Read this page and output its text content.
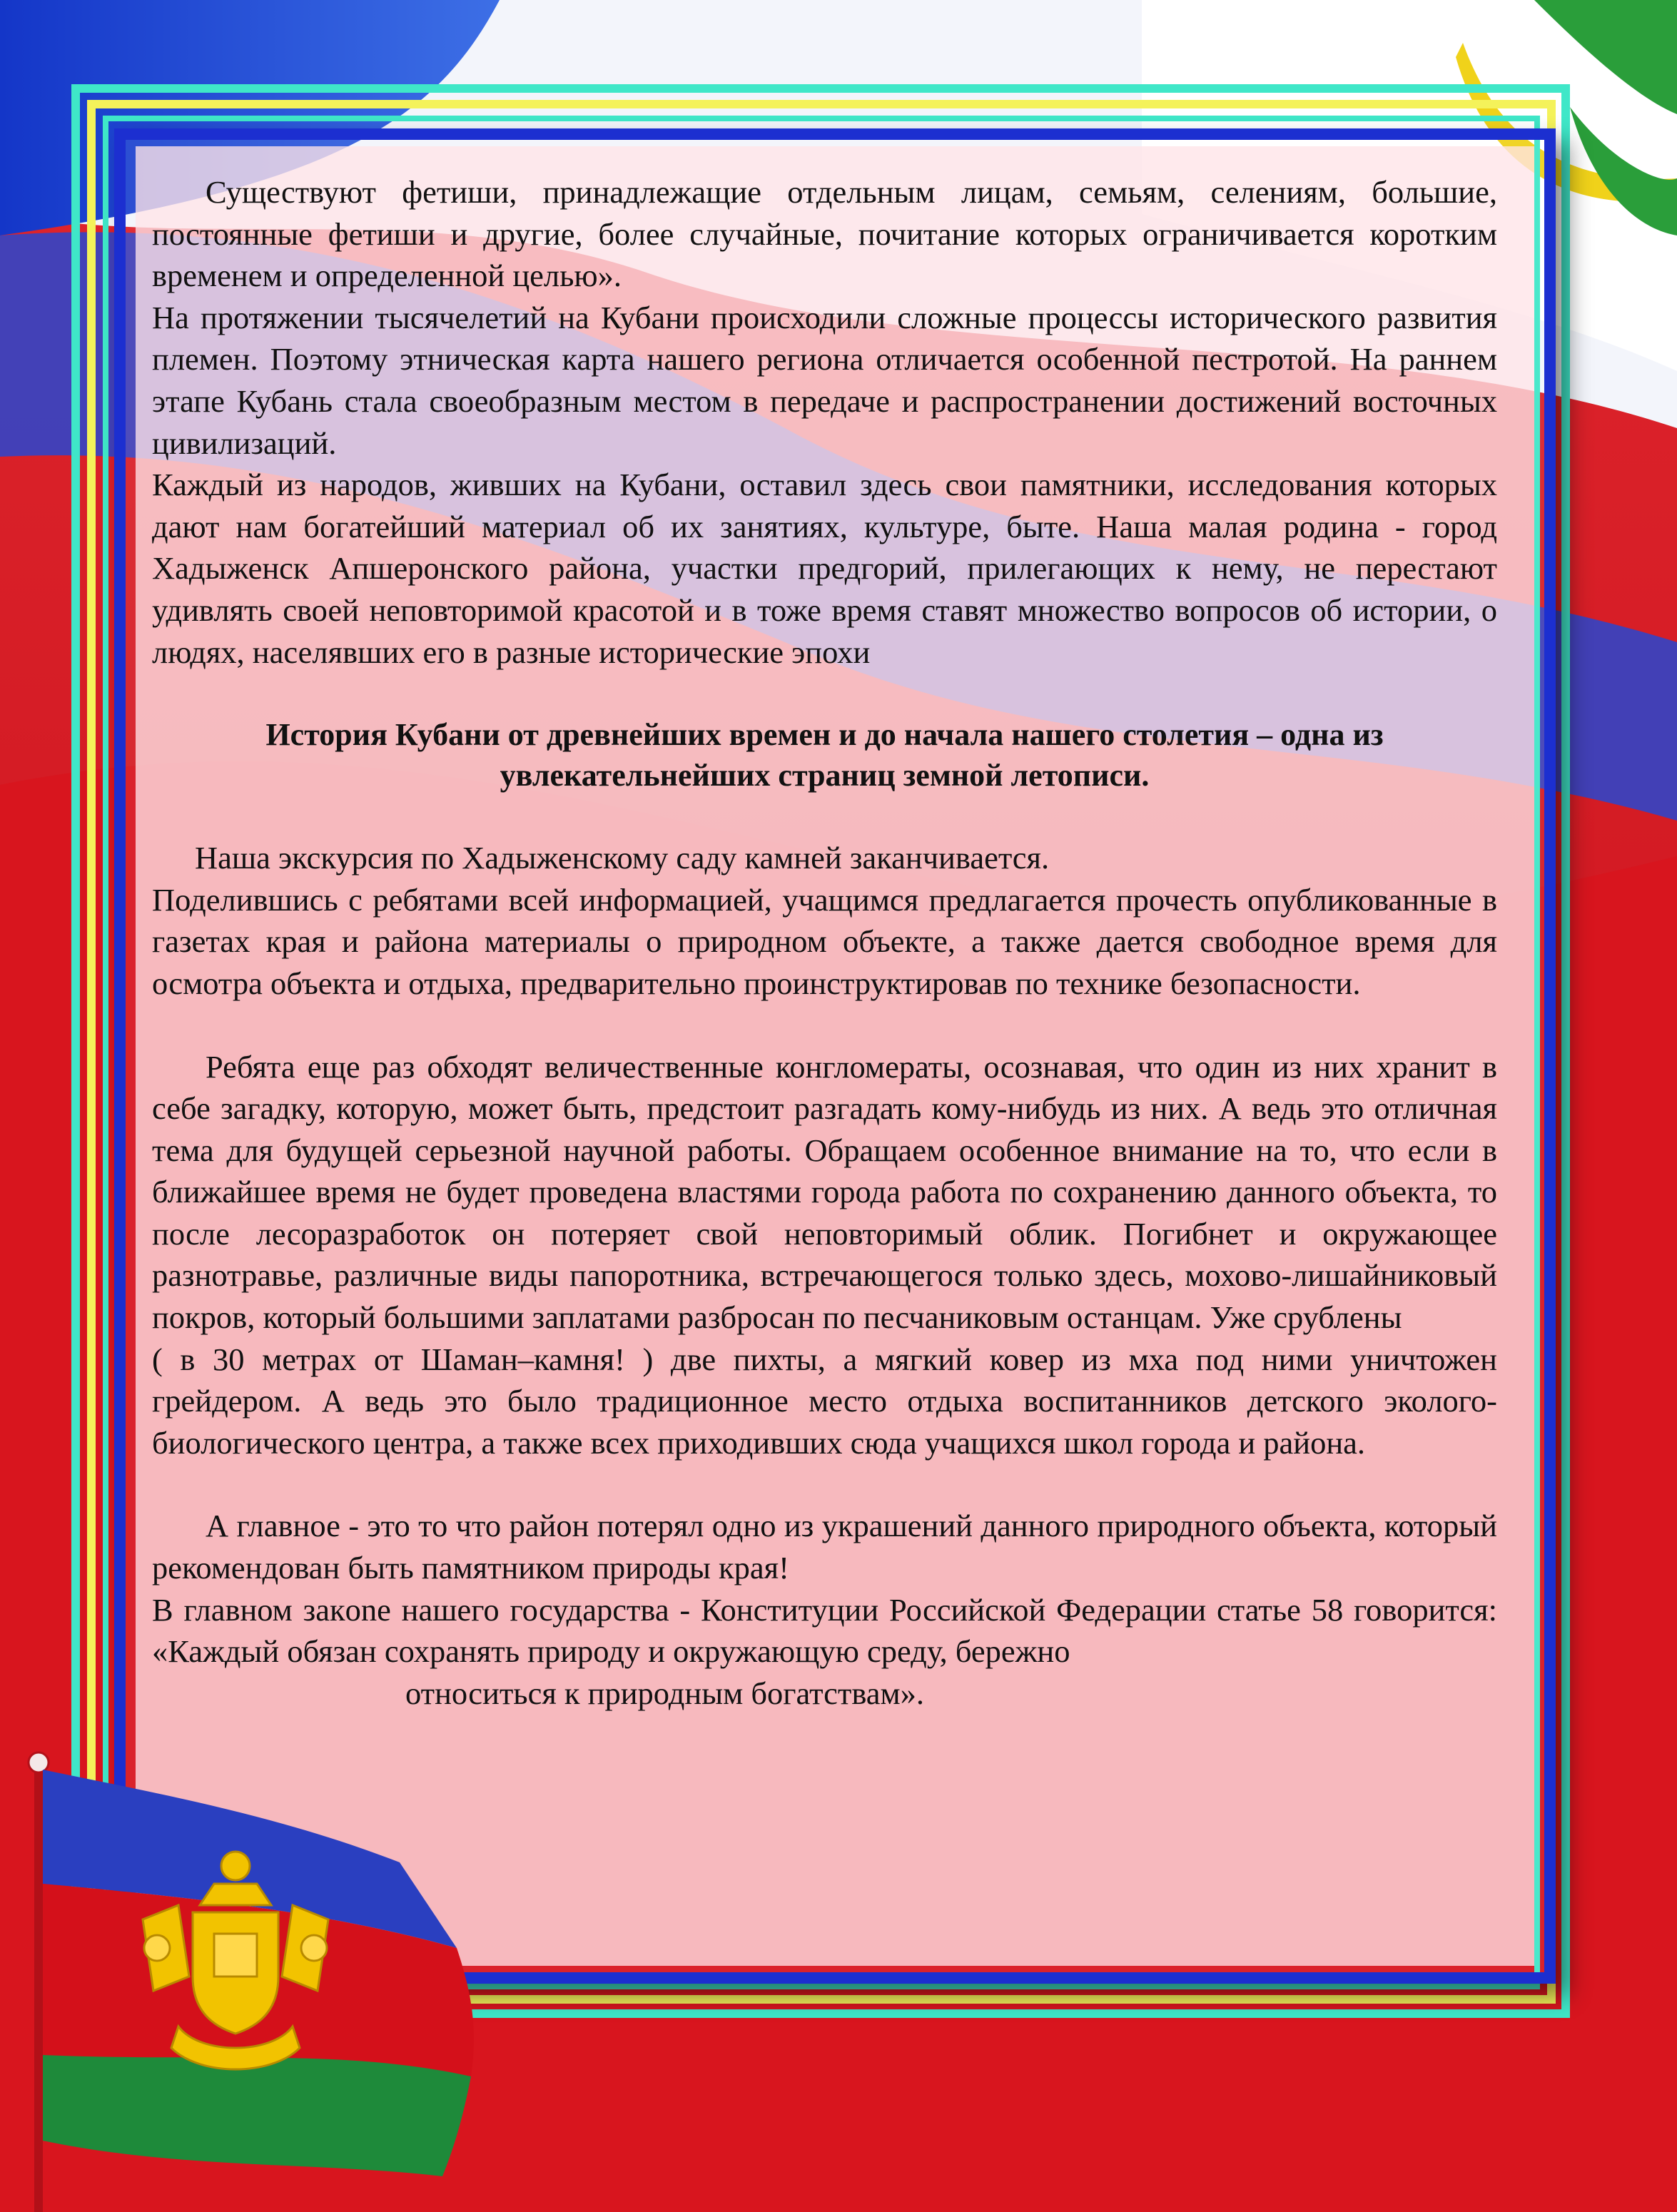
Существуют фетиши, принадлежащие отдельным лицам, семьям, селениям, большие, постоянные фетиши и другие, более случайные, почитание которых ограничивается коротким временем и определенной целью».

На протяжении тысячелетий на Кубани происходили сложные процессы исторического развития племен. Поэтому этническая карта нашего региона отличается особенной пестротой. На раннем этапе Кубань стала своеобразным местом в передаче и распространении достижений восточных цивилизаций.

Каждый из народов, живших на Кубани, оставил здесь свои памятники, исследования которых дают нам богатейший материал об их занятиях, культуре, быте. Наша малая родина - город Хадыженск Апшеронского района, участки предгорий, прилегающих к нему, не перестают удивлять своей неповторимой красотой и в тоже время ставят множество вопросов об истории, о людях, населявших его в разные исторические эпохи

История Кубани от древнейших времен и до начала нашего столетия – одна из увлекательнейших страниц земной летописи.

Наша экскурсия по Хадыженскому саду камней заканчивается.

Поделившись с ребятами всей информацией, учащимся предлагается прочесть опубликованные в газетах края и района материалы о природном объекте, а также дается свободное время для осмотра объекта и отдыха, предварительно проинструктировав по технике безопасности.

Ребята еще раз обходят величественные конгломераты, осознавая, что один из них хранит в себе загадку, которую, может быть, предстоит разгадать кому-нибудь из них. А ведь это отличная тема для будущей серьезной научной работы. Обращаем особенное внимание на то, что если в ближайшее время не будет проведена властями города работа по сохранению данного объекта, то после лесоразработок он потеряет свой неповторимый облик. Погибнет и окружающее разнотравье, различные виды папоротника, встречающегося только здесь, мохово-лишайниковый покров, который большими заплатами разбросан по песчаниковым останцам. Уже срублены

( в 30 метрах от Шаман–камня! ) две пихты, а мягкий ковер из мха под ними уничтожен грейдером. А ведь это было традиционное место отдыха воспитанников детского эколого-биологического центра, а также всех приходивших сюда учащихся школ города и района.

А главное - это то что район потерял одно из украшений данного природного объекта, который рекомендован быть памятником природы края!

В главном закone нашего государства - Конституции Российской Федерации статье 58 говорится: «Каждый обязан сохранять природу и окружающую среду, бережно

относиться к природным богатствам».
